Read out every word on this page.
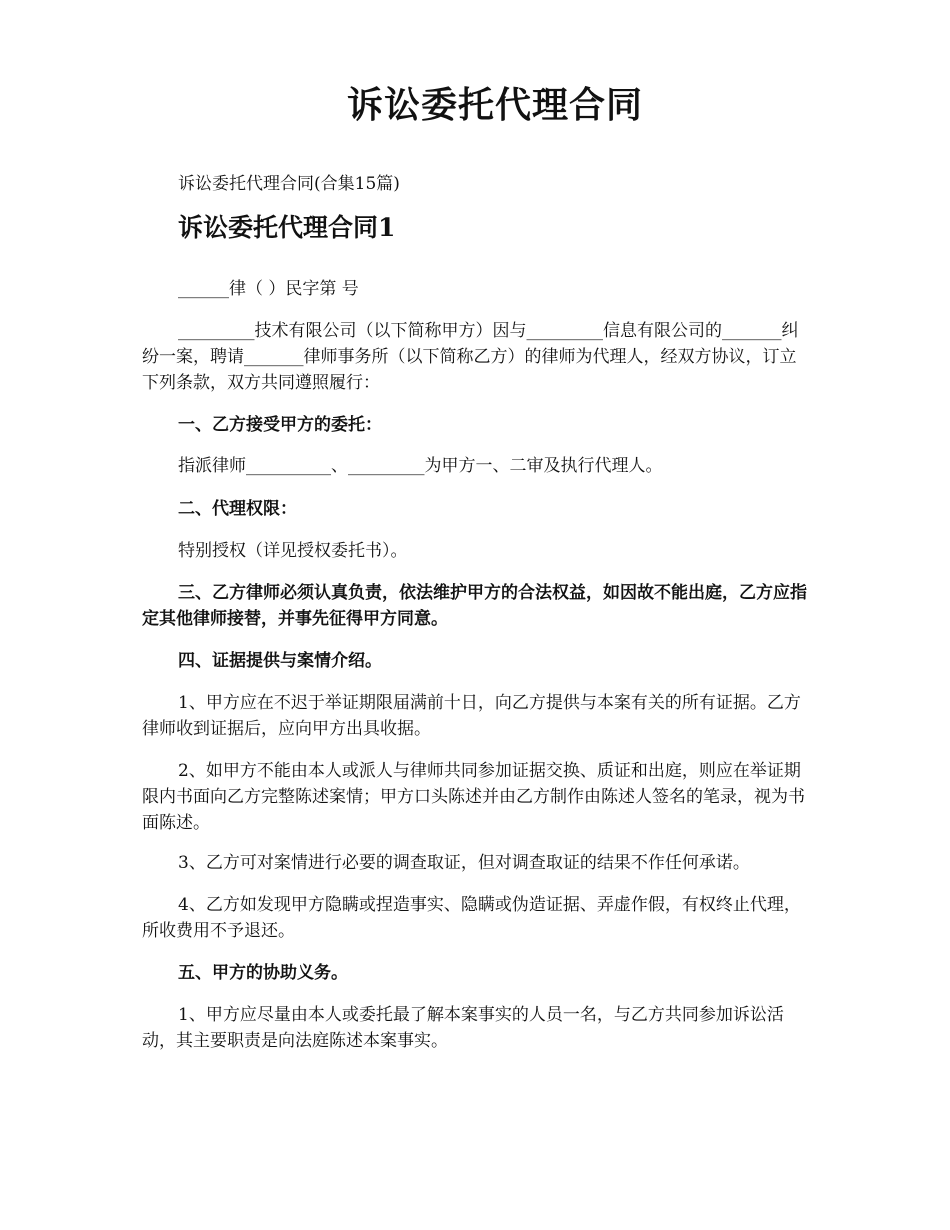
诉讼委托代理合同

诉讼委托代理合同(合集15篇)

诉讼委托代理合同1

______律（ ）民字第 号

_________技术有限公司（以下简称甲方）因与_________信息有限公司的_______纠纷一案，聘请_______律师事务所（以下简称乙方）的律师为代理人，经双方协议，订立下列条款，双方共同遵照履行：

一、乙方接受甲方的委托：

指派律师__________、_________为甲方一、二审及执行代理人。

二、代理权限：

特别授权（详见授权委托书）。

三、乙方律师必须认真负责，依法维护甲方的合法权益，如因故不能出庭，乙方应指定其他律师接替，并事先征得甲方同意。

四、证据提供与案情介绍。

1、甲方应在不迟于举证期限届满前十日，向乙方提供与本案有关的所有证据。乙方律师收到证据后，应向甲方出具收据。

2、如甲方不能由本人或派人与律师共同参加证据交换、质证和出庭，则应在举证期限内书面向乙方完整陈述案情；甲方口头陈述并由乙方制作由陈述人签名的笔录，视为书面陈述。

3、乙方可对案情进行必要的调查取证，但对调查取证的结果不作任何承诺。

4、乙方如发现甲方隐瞒或捏造事实、隐瞒或伪造证据、弄虚作假，有权终止代理，所收费用不予退还。

五、甲方的协助义务。

1、甲方应尽量由本人或委托最了解本案事实的人员一名，与乙方共同参加诉讼活动，其主要职责是向法庭陈述本案事实。
